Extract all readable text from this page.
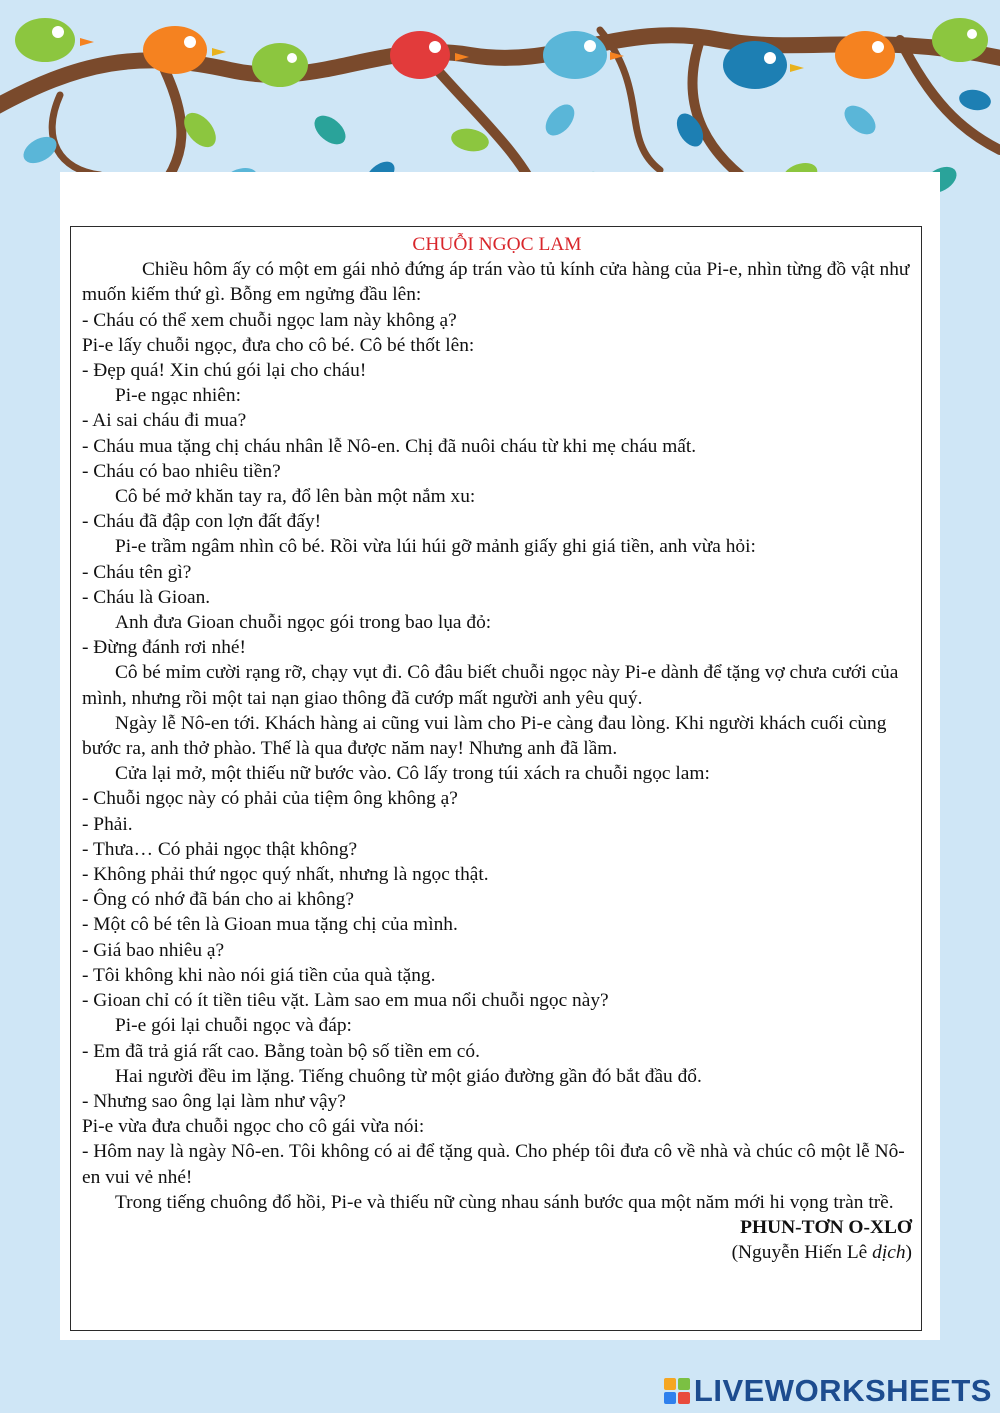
CHUỖI NGỌC LAM

Chiều hôm ấy có một em gái nhỏ đứng áp trán vào tủ kính cửa hàng của Pi-e, nhìn từng đồ vật như muốn kiếm thứ gì. Bỗng em ngửng đầu lên:

- Cháu có thể xem chuỗi ngọc lam này không ạ?

Pi-e lấy chuỗi ngọc, đưa cho cô bé. Cô bé thốt lên:

- Đẹp quá! Xin chú gói lại cho cháu!

Pi-e ngạc nhiên:

- Ai sai cháu đi mua?

- Cháu mua tặng chị cháu nhân lễ Nô-en. Chị đã nuôi cháu từ khi mẹ cháu mất.

- Cháu có bao nhiêu tiền?

Cô bé mở khăn tay ra, đổ lên bàn một nắm xu:

- Cháu đã đập con lợn đất đấy!

Pi-e trầm ngâm nhìn cô bé. Rồi vừa lúi húi gỡ mảnh giấy ghi giá tiền, anh vừa hỏi:

- Cháu tên gì?

- Cháu là Gioan.

Anh đưa Gioan chuỗi ngọc gói trong bao lụa đỏ:

- Đừng đánh rơi nhé!

Cô bé mỉm cười rạng rỡ, chạy vụt đi. Cô đâu biết chuỗi ngọc này Pi-e dành để tặng vợ chưa cưới của mình, nhưng rồi một tai nạn giao thông đã cướp mất người anh yêu quý.

Ngày lễ Nô-en tới. Khách hàng ai cũng vui làm cho Pi-e càng đau lòng. Khi người khách cuối cùng bước ra, anh thở phào. Thế là qua được năm nay! Nhưng anh đã lầm.

Cửa lại mở, một thiếu nữ bước vào. Cô lấy trong túi xách ra chuỗi ngọc lam:

- Chuỗi ngọc này có phải của tiệm ông không ạ?

- Phải.

- Thưa… Có phải ngọc thật không?

- Không phải thứ ngọc quý nhất, nhưng là ngọc thật.

- Ông có nhớ đã bán cho ai không?

- Một cô bé tên là Gioan mua tặng chị của mình.

- Giá bao nhiêu ạ?

- Tôi không khi nào nói giá tiền của quà tặng.

- Gioan chỉ có ít tiền tiêu vặt. Làm sao em mua nổi chuỗi ngọc này?

Pi-e gói lại chuỗi ngọc và đáp:

- Em đã trả giá rất cao. Bằng toàn bộ số tiền em có.

Hai người đều im lặng. Tiếng chuông từ một giáo đường gần đó bắt đầu đổ.

- Nhưng sao ông lại làm như vậy?

Pi-e vừa đưa chuỗi ngọc cho cô gái vừa nói:

- Hôm nay là ngày Nô-en. Tôi không có ai để tặng quà. Cho phép tôi đưa cô về nhà và chúc cô một lễ Nô-en vui vẻ nhé!

Trong tiếng chuông đổ hồi, Pi-e và thiếu nữ cùng nhau sánh bước qua một năm mới hi vọng tràn trề.

PHUN-TƠN O-XLƠ

(Nguyễn Hiến Lê dịch)

LIVEWORKSHEETS
